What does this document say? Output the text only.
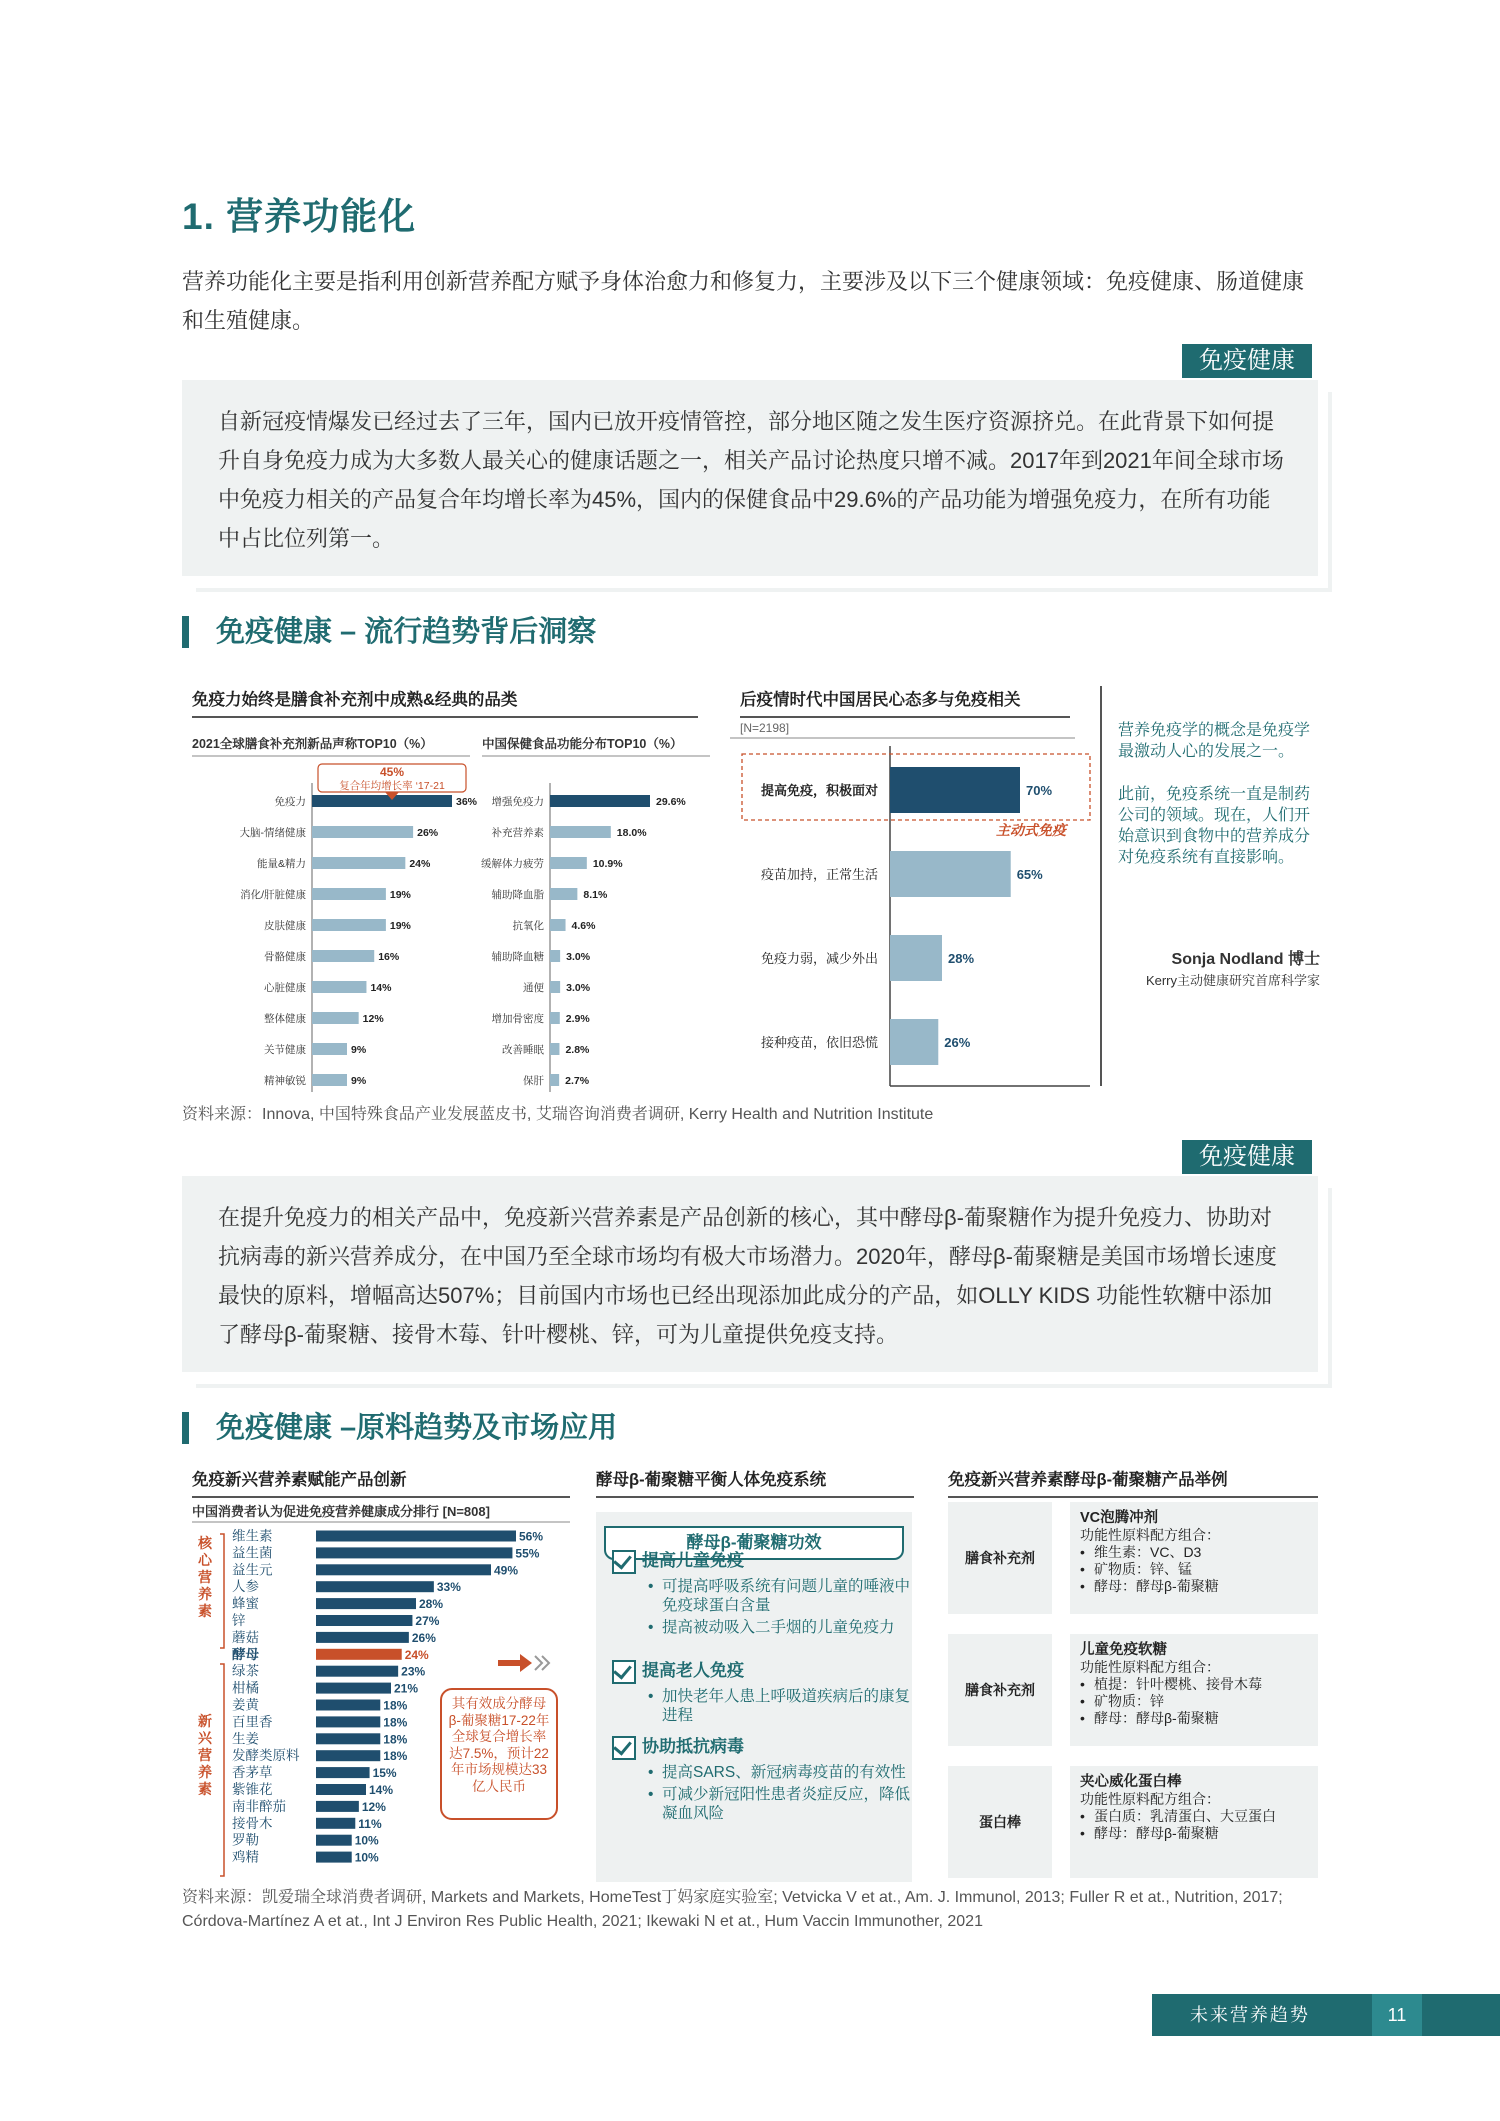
1. 营养功能化
营养功能化主要是指利用创新营养配方赋予身体治愈力和修复力，主要涉及以下三个健康领域：免疫健康、肠道健康和生殖健康。
免疫健康
自新冠疫情爆发已经过去了三年，国内已放开疫情管控，部分地区随之发生医疗资源挤兑。在此背景下如何提升自身免疫力成为大多数人最关心的健康话题之一，相关产品讨论热度只增不减。2017年到2021年间全球市场中免疫力相关的产品复合年均增长率为45%，国内的保健食品中29.6%的产品功能为增强免疫力，在所有功能中占比位列第一。
免疫健康 – 流行趋势背后洞察
免疫力始终是膳食补充剂中成熟&经典的品类	后疫情时代中国居民心态多与免疫相关
2021全球膳食补充剂新品声称TOP10（%）	中国保健食品功能分布TOP10（%）
免疫力	36%
大脑-情绪健康	26%
能量&精力	24%
消化/肝脏健康	19%
皮肤健康	19%
骨骼健康	16%
心脏健康	14%
整体健康	12%
关节健康	9%
精神敏锐	9%
45%
复合年均增长率 ‘17-21
增强免疫力	29.6%
补充营养素	18.0%
缓解体力疲劳	10.9%
辅助降血脂	8.1%
抗氧化	4.6%
辅助降血糖 3.0%
通便 3.0%
增加骨密度 2.9%
改善睡眠 2.8%
保肝 2.7%
[N=2198]
提高免疫，积极面对	70%
疫苗加持，正常生活	65%
免疫力弱，减少外出	28%
接种疫苗，依旧恐慌	26%
主动式免疫
营养免疫学的概念是免疫学最激动人心的发展之一。
此前，免疫系统一直是制药公司的领域。现在，人们开始意识到食物中的营养成分对免疫系统有直接影响。
Sonja Nodland 博士
Kerry主动健康研究首席科学家
资料来源：Innova, 中国特殊食品产业发展蓝皮书, 艾瑞咨询消费者调研, Kerry Health and Nutrition Institute
免疫健康
在提升免疫力的相关产品中，免疫新兴营养素是产品创新的核心，其中酵母β-葡聚糖作为提升免疫力、协助对抗病毒的新兴营养成分，在中国乃至全球市场均有极大市场潜力。2020年，酵母β-葡聚糖是美国市场增长速度最快的原料，增幅高达507%；目前国内市场也已经出现添加此成分的产品，如OLLY KIDS 功能性软糖中添加了酵母β-葡聚糖、接骨木莓、针叶樱桃、锌，可为儿童提供免疫支持。
免疫健康 –原料趋势及市场应用
免疫新兴营养素赋能产品创新	酵母β-葡聚糖平衡人体免疫系统	免疫新兴营养素酵母β-葡聚糖产品举例
中国消费者认为促进免疫营养健康成分排行 [N=808]
维生素	56%
益生菌	55%
益生元	49%
人参	33%
蜂蜜	28%
锌	27%
蘑菇	26%
酵母	24%
绿茶	23%
柑橘	21%
姜黄	18%
百里香	18%
生姜	18%
发酵类原料	18%
香茅草	15%
紫锥花	14%
南非醉茄	12%
接骨木	11%
罗勒	10%
鸡精	10%
核
心
营
养
素
新
兴
营
养
素
其有效成分酵母β-葡聚糖17-22年全球复合增长率达7.5%，预计22年市场规模达33亿人民币
酵母β-葡聚糖功效
提高儿童免疫
• 可提高呼吸系统有问题儿童的唾液中免疫球蛋白含量
• 提高被动吸入二手烟的儿童免疫力
提高老人免疫
• 加快老年人患上呼吸道疾病后的康复进程
协助抵抗病毒
• 提高SARS、新冠病毒疫苗的有效性
• 可减少新冠阳性患者炎症反应，降低凝血风险
膳食补充剂
VC泡腾冲剂
功能性原料配方组合：
• 维生素：VC、D3
• 矿物质：锌、锰
• 酵母：酵母β-葡聚糖
膳食补充剂
儿童免疫软糖
功能性原料配方组合：
• 植提：针叶樱桃、接骨木莓
• 矿物质：锌
• 酵母：酵母β-葡聚糖
蛋白棒
夹心威化蛋白棒
功能性原料配方组合：
• 蛋白质：乳清蛋白、大豆蛋白
• 酵母：酵母β-葡聚糖
资料来源：凯爱瑞全球消费者调研, Markets and Markets, HomeTest丁妈家庭实验室; Vetvicka V et at., Am. J. Immunol, 2013; Fuller R et at., Nutrition, 2017; Córdova-Martínez A et at., Int J Environ Res Public Health, 2021; Ikewaki N et at., Hum Vaccin Immunother, 2021
未来营养趋势	11
